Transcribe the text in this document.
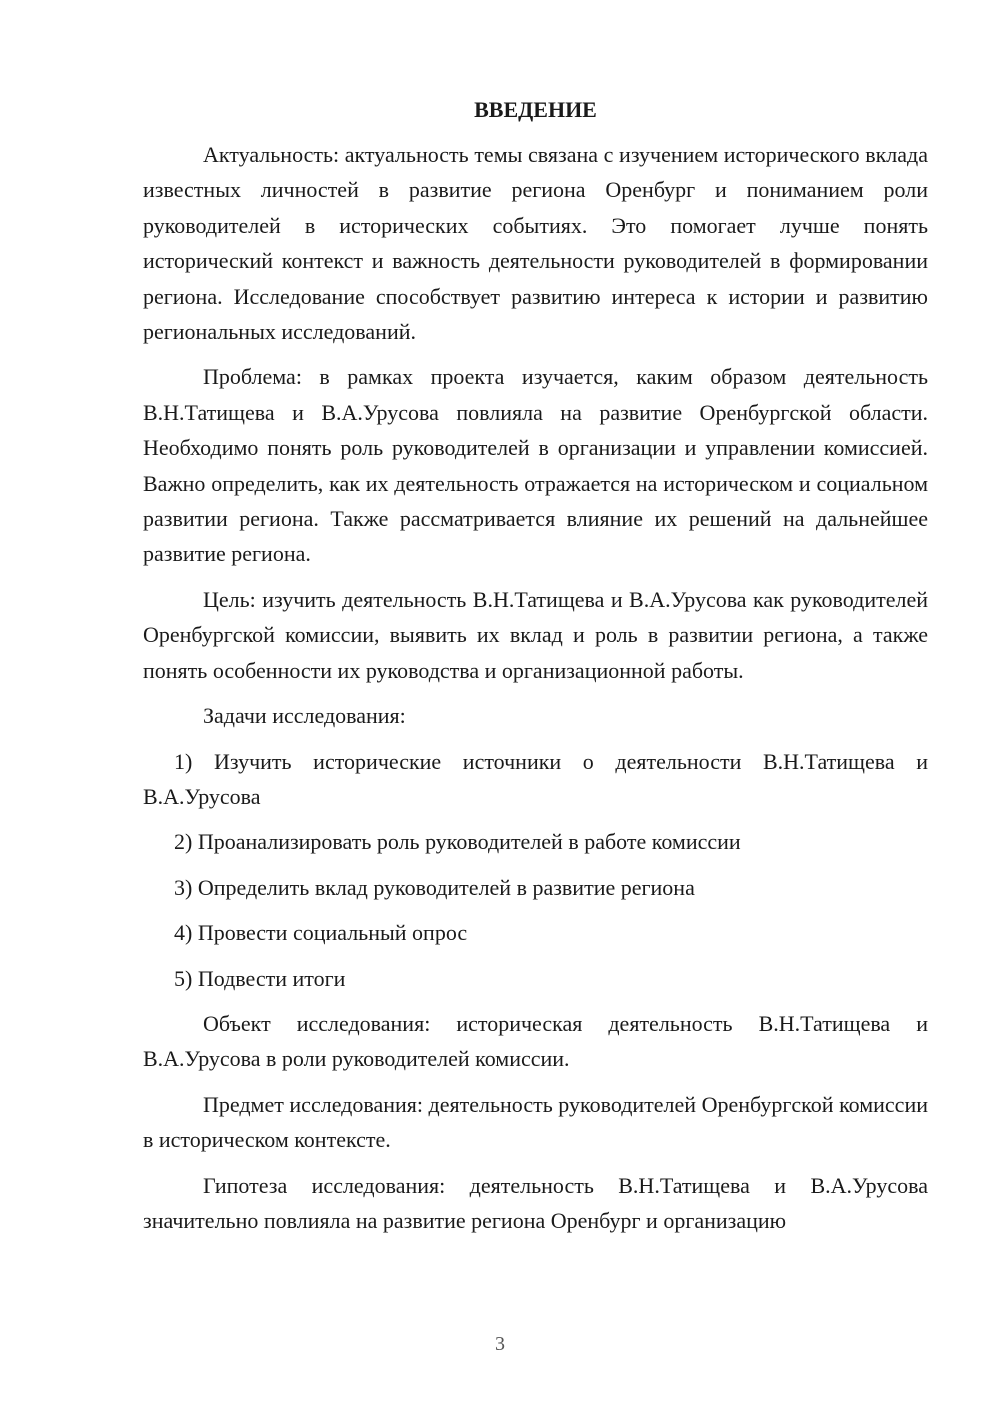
ВВЕДЕНИЕ

Актуальность: актуальность темы связана с изучением исторического вклада известных личностей в развитие региона Оренбург и пониманием роли руководителей в исторических событиях. Это помогает лучше понять исторический контекст и важность деятельности руководителей в формировании региона. Исследование способствует развитию интереса к истории и развитию региональных исследований.

Проблема: в рамках проекта изучается, каким образом деятельность В.Н.Татищева и В.А.Урусова повлияла на развитие Оренбургской области. Необходимо понять роль руководителей в организации и управлении комиссией. Важно определить, как их деятельность отражается на историческом и социальном развитии региона. Также рассматривается влияние их решений на дальнейшее развитие региона.

Цель: изучить деятельность В.Н.Татищева и В.А.Урусова как руководителей Оренбургской комиссии, выявить их вклад и роль в развитии региона, а также понять особенности их руководства и организационной работы.

Задачи исследования:

1) Изучить исторические источники о деятельности В.Н.Татищева и В.А.Урусова

2) Проанализировать роль руководителей в работе комиссии

3) Определить вклад руководителей в развитие региона

4) Провести социальный опрос

5) Подвести итоги

Объект исследования: историческая деятельность В.Н.Татищева и В.А.Урусова в роли руководителей комиссии.

Предмет исследования: деятельность руководителей Оренбургской комиссии в историческом контексте.

Гипотеза исследования: деятельность В.Н.Татищева и В.А.Урусова значительно повлияла на развитие региона Оренбург и организацию

3
